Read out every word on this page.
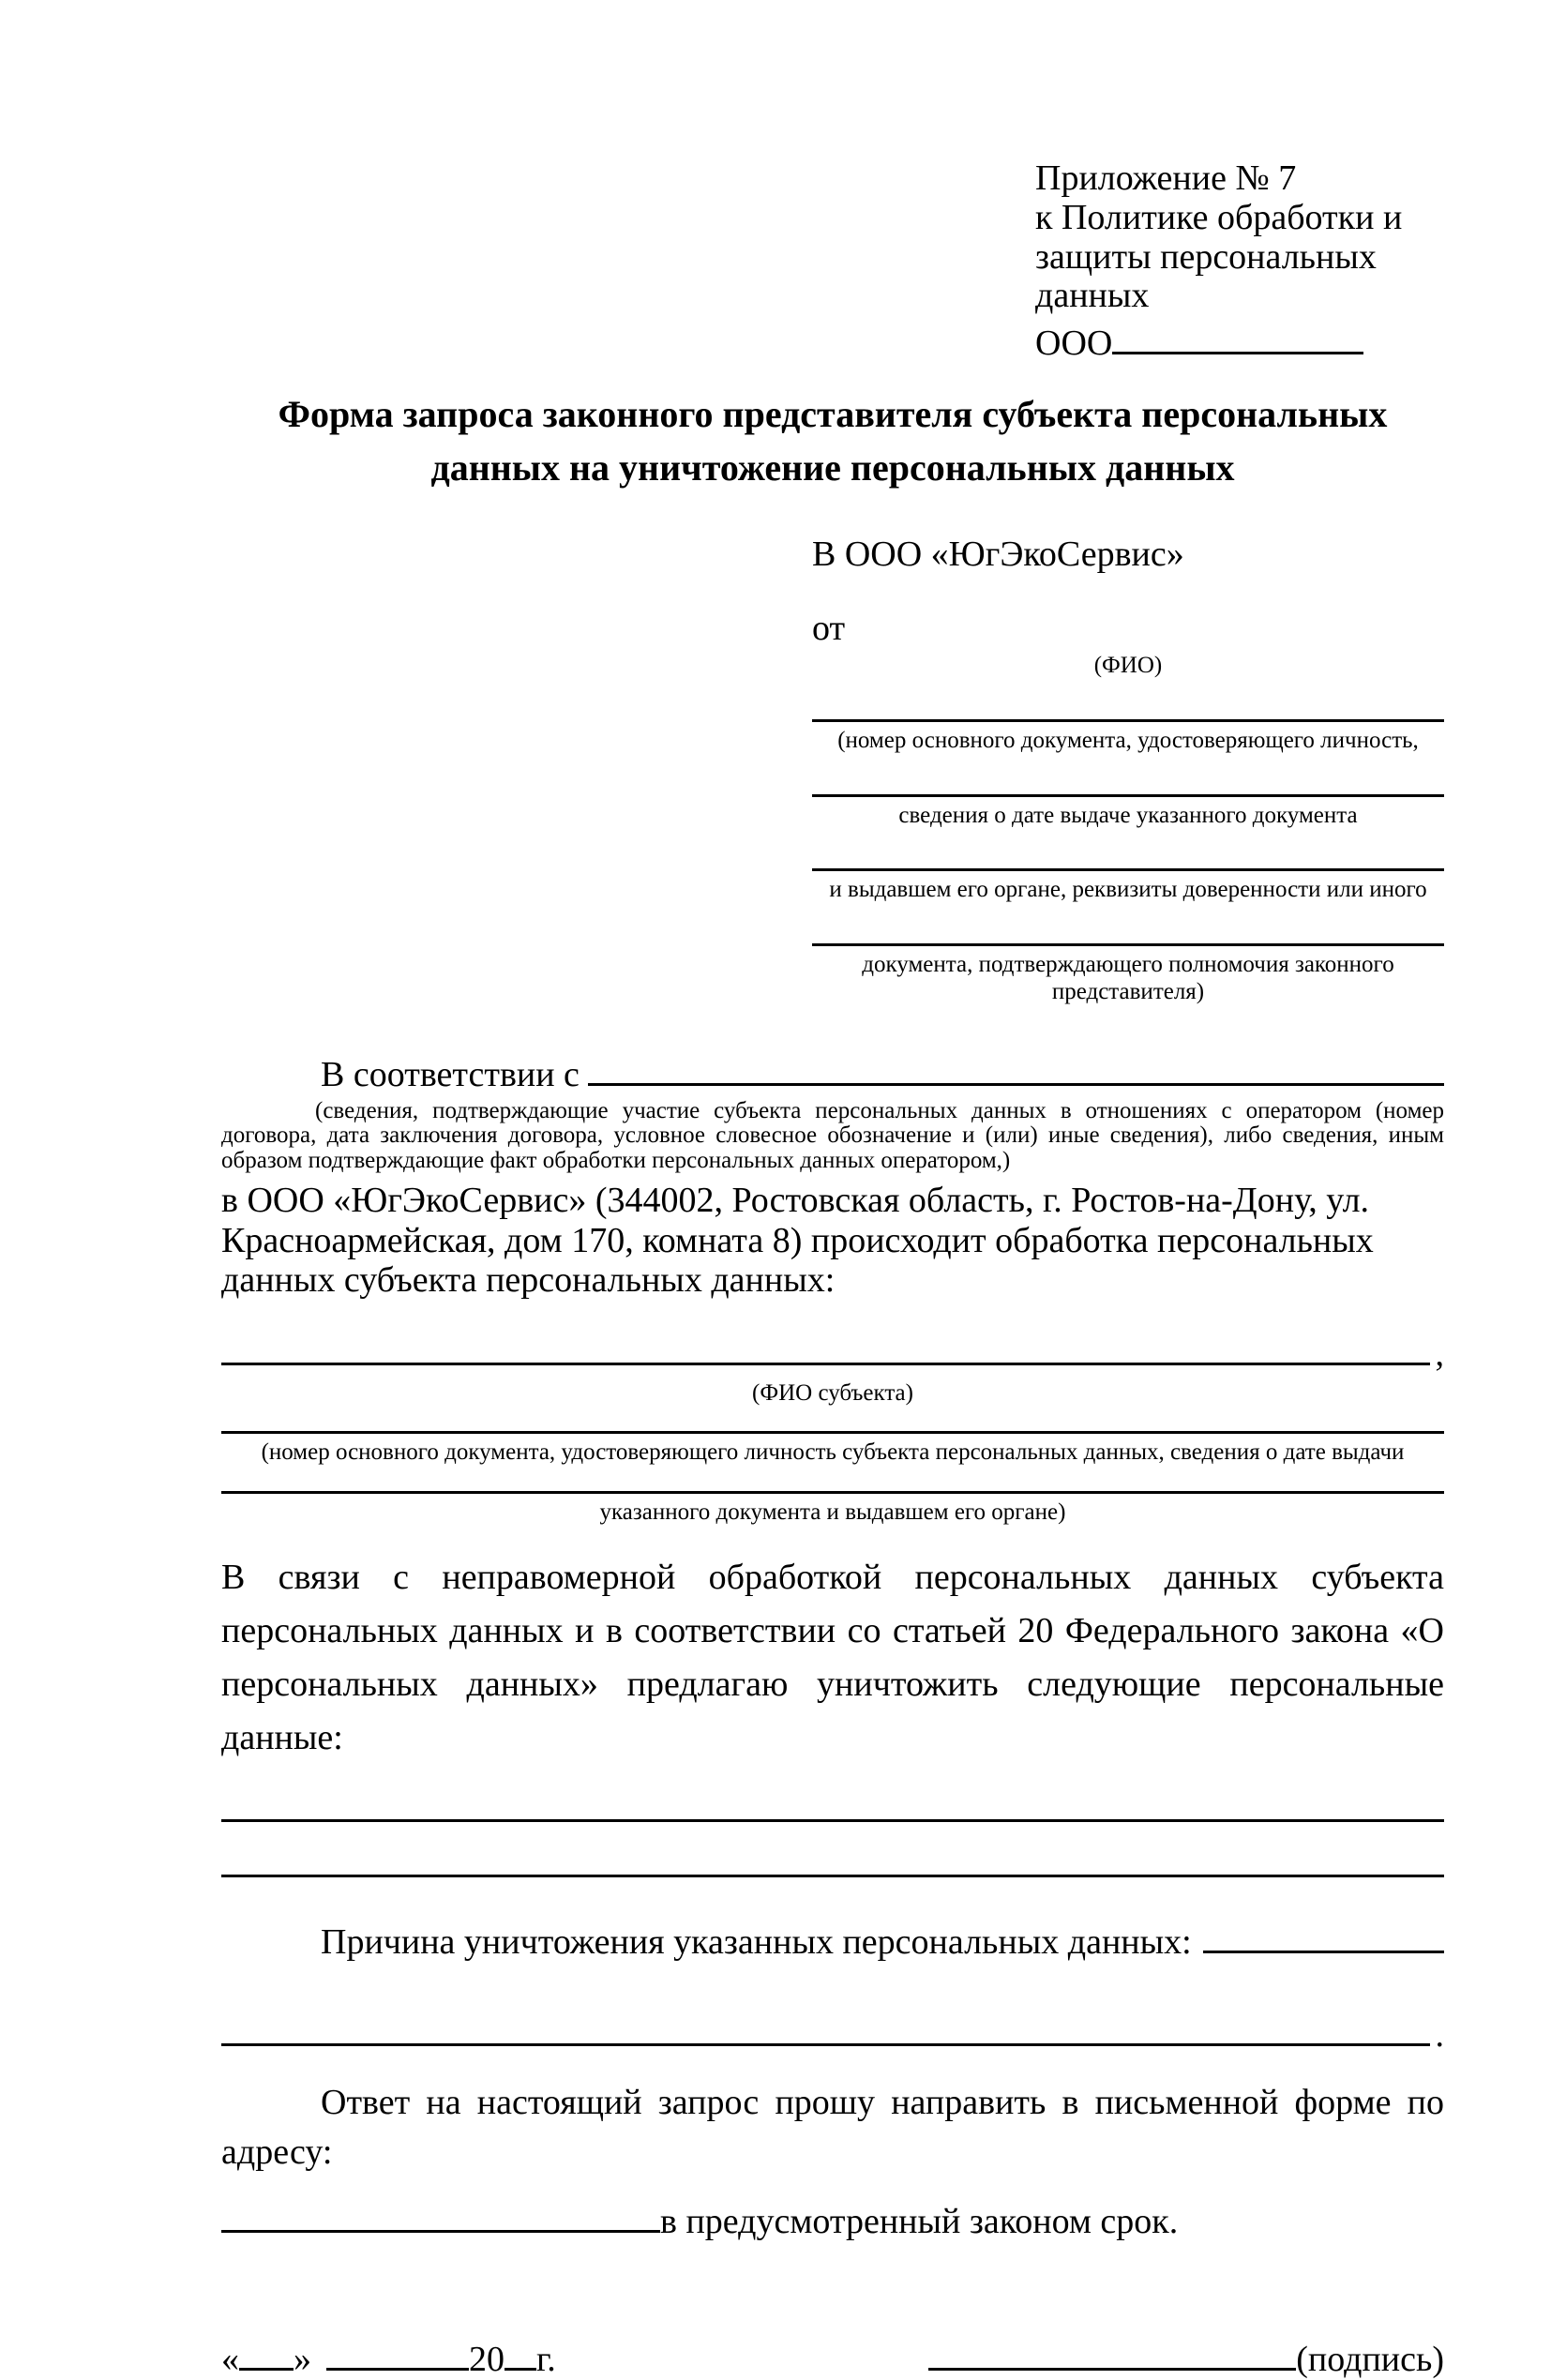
Приложение № 7
к Политике обработки и
защиты персональных данных
ООО
Форма запроса законного представителя субъекта персональных
данных на уничтожение персональных данных
В ООО «ЮгЭкоСервис»
от
(ФИО)
(номер основного документа, удостоверяющего личность,
сведения о дате выдаче указанного документа
и выдавшем его органе, реквизиты доверенности или иного
документа, подтверждающего полномочия законного представителя)
В соответствии с

(сведения, подтверждающие участие субъекта персональных данных в отношениях с оператором (номер договора, дата заключения договора, условное словесное обозначение и (или) иные сведения), либо сведения, иным образом подтверждающие факт обработки персональных данных оператором,)
в ООО «ЮгЭкоСервис» (344002, Ростовская область, г. Ростов-на-Дону, ул. Красноармейская, дом 170, комната 8) происходит обработка персональных данных субъекта персональных данных:
,
(ФИО субъекта)
(номер основного документа, удостоверяющего личность субъекта персональных данных, сведения о дате выдачи
указанного документа и выдавшем его органе)
В связи с неправомерной обработкой персональных данных субъекта персональных данных и в соответствии со статьей 20 Федерального закона «О персональных данных» предлагаю уничтожить следующие персональные данные:
Причина уничтожения указанных персональных данных:
.
Ответ на настоящий запрос прошу направить в письменной форме по адресу:
в предусмотренный законом срок.
« »	20 г.	(подпись)
